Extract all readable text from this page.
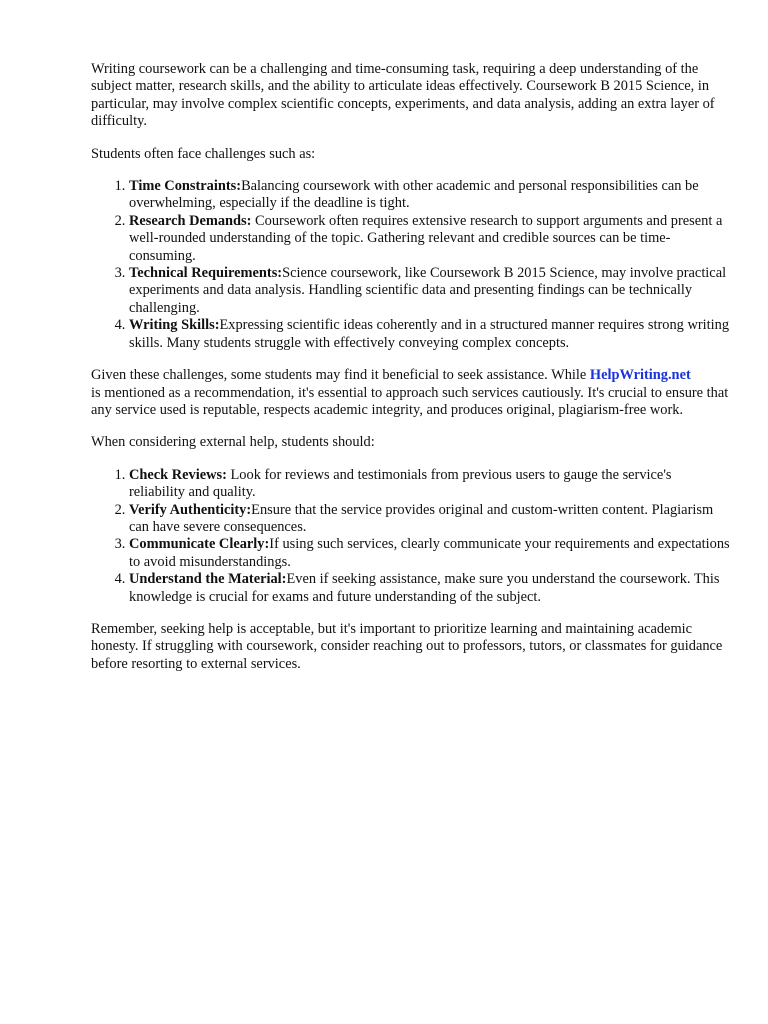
Writing coursework can be a challenging and time-consuming task, requiring a deep understanding of the subject matter, research skills, and the ability to articulate ideas effectively. Coursework B 2015 Science, in particular, may involve complex scientific concepts, experiments, and data analysis, adding an extra layer of difficulty.

Students often face challenges such as:

1. Time Constraints:Balancing coursework with other academic and personal responsibilities can be overwhelming, especially if the deadline is tight.
2. Research Demands: Coursework often requires extensive research to support arguments and present a well-rounded understanding of the topic. Gathering relevant and credible sources can be time-consuming.
3. Technical Requirements:Science coursework, like Coursework B 2015 Science, may involve practical experiments and data analysis. Handling scientific data and presenting findings can be technically challenging.
4. Writing Skills:Expressing scientific ideas coherently and in a structured manner requires strong writing skills. Many students struggle with effectively conveying complex concepts.

Given these challenges, some students may find it beneficial to seek assistance. While HelpWriting.netis mentioned as a recommendation, it's essential to approach such services cautiously. It's crucial to ensure that any service used is reputable, respects academic integrity, and produces original, plagiarism-free work.

When considering external help, students should:

1. Check Reviews: Look for reviews and testimonials from previous users to gauge the service's reliability and quality.
2. Verify Authenticity:Ensure that the service provides original and custom-written content. Plagiarism can have severe consequences.
3. Communicate Clearly:If using such services, clearly communicate your requirements and expectations to avoid misunderstandings.
4. Understand the Material:Even if seeking assistance, make sure you understand the coursework. This knowledge is crucial for exams and future understanding of the subject.

Remember, seeking help is acceptable, but it's important to prioritize learning and maintaining academic honesty. If struggling with coursework, consider reaching out to professors, tutors, or classmates for guidance before resorting to external services.
